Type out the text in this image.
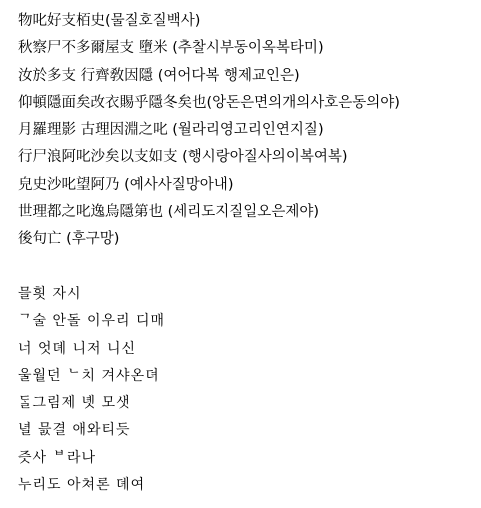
物叱好支栢史(물질호질백사)
秋察尸不多爾屋支 墮米 (추찰시부동이옥복타미)
汝於多支 行齊敎因隱 (여어다복 행제교인은)
仰頓隱面矣改衣賜乎隱冬矣也(앙돈은면의개의사호은동의야)
月羅理影 古理因淵之叱 (월라리영고리인연지질)
行尸浪阿叱沙矣以支如支 (행시랑아질사의이복여복)
皃史沙叱望阿乃 (예사사질망아내)
世理都之叱逸烏隱第也 (세리도지질일오은제야)
後句亡 (후구망)
믈흿 자시
ᄀ술 안돌 이우리 디매
너 엇뎨 니저 니신
울월던 ᄂ치 겨샤온뎌
ᄃᆞᆯ그림제 녯 모샛
녈 믌결 애와티듯
즛사 ᄇ라나
누리도 아쳐론 뎨여
